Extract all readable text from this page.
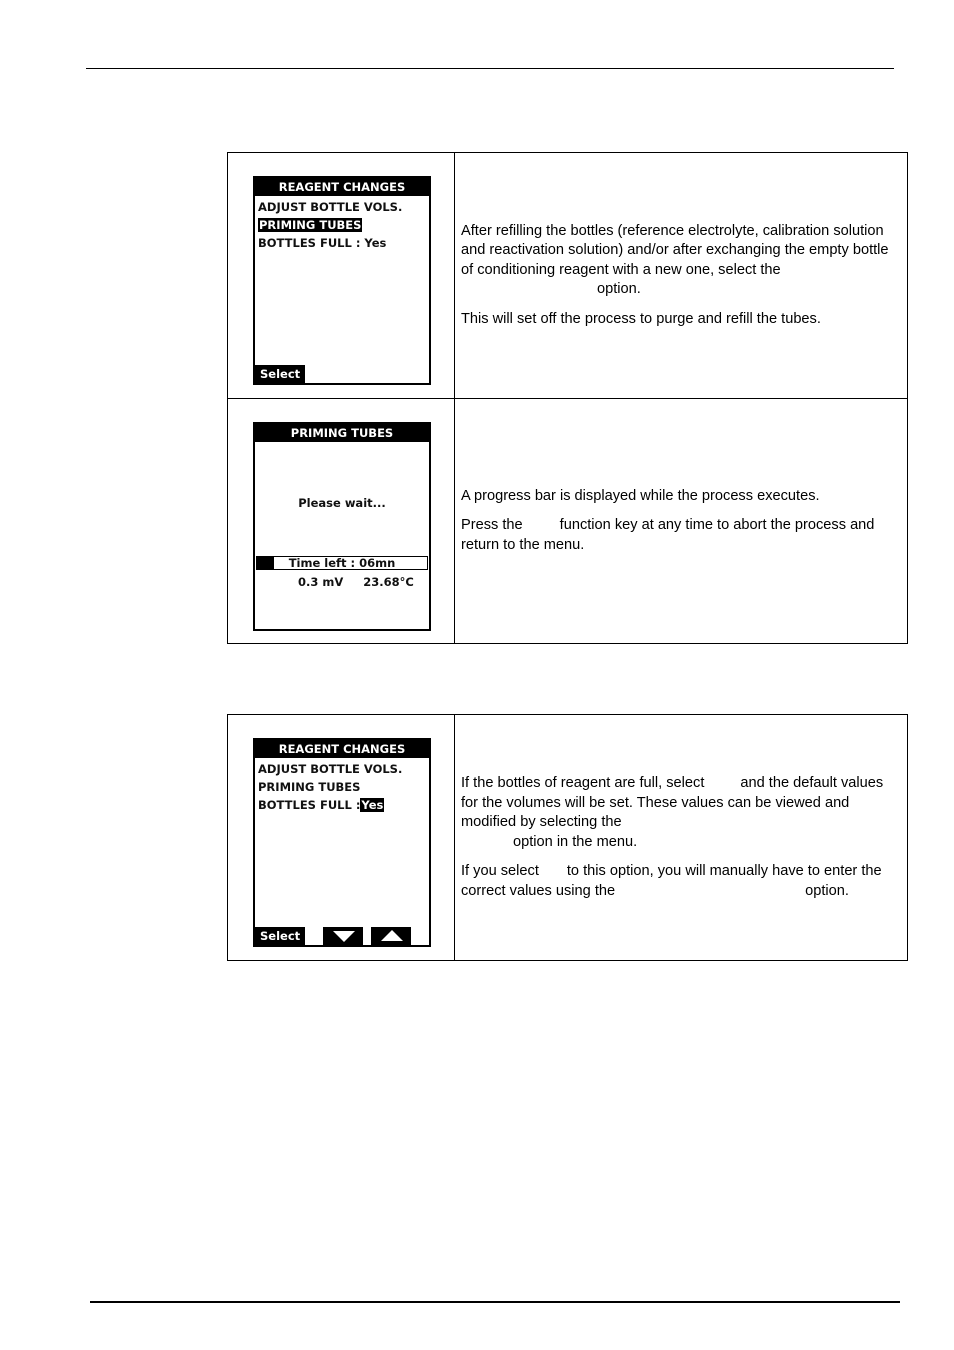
REAGENT CHANGES
ADJUST BOTTLE VOLS.
PRIMING TUBES
BOTTLES FULL : Yes
Select

After refilling the bottles (reference electrolyte, calibration solution and reactivation solution) and/or after exchanging the empty bottle of conditioning reagent with a new one, select theoption.

This will set off the process to purge and refill the tubes.

PRIMING TUBES
Please wait...
Time left : 06mn
0.3 mV 23.68°C

A progress bar is displayed while the process executes.

Press the	function key at any time to abort the process and return to the menu.

REAGENT CHANGES
ADJUST BOTTLE VOLS.
PRIMING TUBES
BOTTLES FULL :Yes
Select

If the bottles of reagent are full, select and the default values for the volumes will be set. These values can be viewed and modified by selecting the
option in the menu.

If you select to this option, you will manually have to enter the correct values using the	option.
